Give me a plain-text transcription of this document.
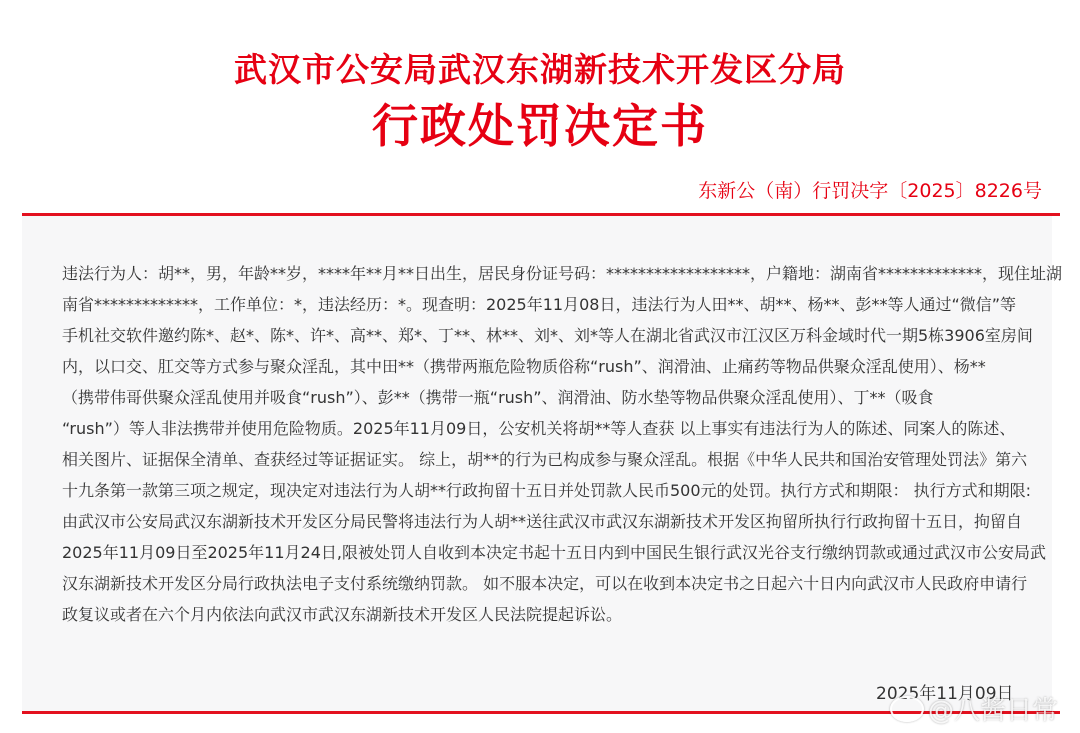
武汉市公安局武汉东湖新技术开发区分局
行政处罚决定书
东新公（南）行罚决字〔2025〕8226号
违法行为人：胡**，男，年龄**岁，****年**月**日出生，居民身份证号码：******************，户籍地：湖南省*************，现住址湖
南省*************，工作单位：*，违法经历：*。现查明：2025年11月08日，违法行为人田**、胡**、杨**、彭**等人通过“微信”等
手机社交软件邀约陈*、赵*、陈*、许*、高**、郑*、丁**、林**、刘*、刘*等人在湖北省武汉市江汉区万科金域时代一期5栋3906室房间
内，以口交、肛交等方式参与聚众淫乱，其中田**（携带两瓶危险物质俗称“rush”、润滑油、止痛药等物品供聚众淫乱使用）、杨**
（携带伟哥供聚众淫乱使用并吸食“rush”）、彭**（携带一瓶“rush”、润滑油、防水垫等物品供聚众淫乱使用）、丁**（吸食
“rush”）等人非法携带并使用危险物质。2025年11月09日，公安机关将胡**等人查获 以上事实有违法行为人的陈述、同案人的陈述、
相关图片、证据保全清单、查获经过等证据证实。 综上，胡**的行为已构成参与聚众淫乱。根据《中华人民共和国治安管理处罚法》第六
十九条第一款第三项之规定，现决定对违法行为人胡**行政拘留十五日并处罚款人民币500元的处罚。执行方式和期限： 执行方式和期限:
由武汉市公安局武汉东湖新技术开发区分局民警将违法行为人胡**送往武汉市武汉东湖新技术开发区拘留所执行行政拘留十五日，拘留自
2025年11月09日至2025年11月24日,限被处罚人自收到本决定书起十五日内到中国民生银行武汉光谷支行缴纳罚款或通过武汉市公安局武
汉东湖新技术开发区分局行政执法电子支付系统缴纳罚款。 如不服本决定，可以在收到本决定书之日起六十日内向武汉市人民政府申请行
政复议或者在六个月内依法向武汉市武汉东湖新技术开发区人民法院提起诉讼。
2025年11月09日
@八酱日常
